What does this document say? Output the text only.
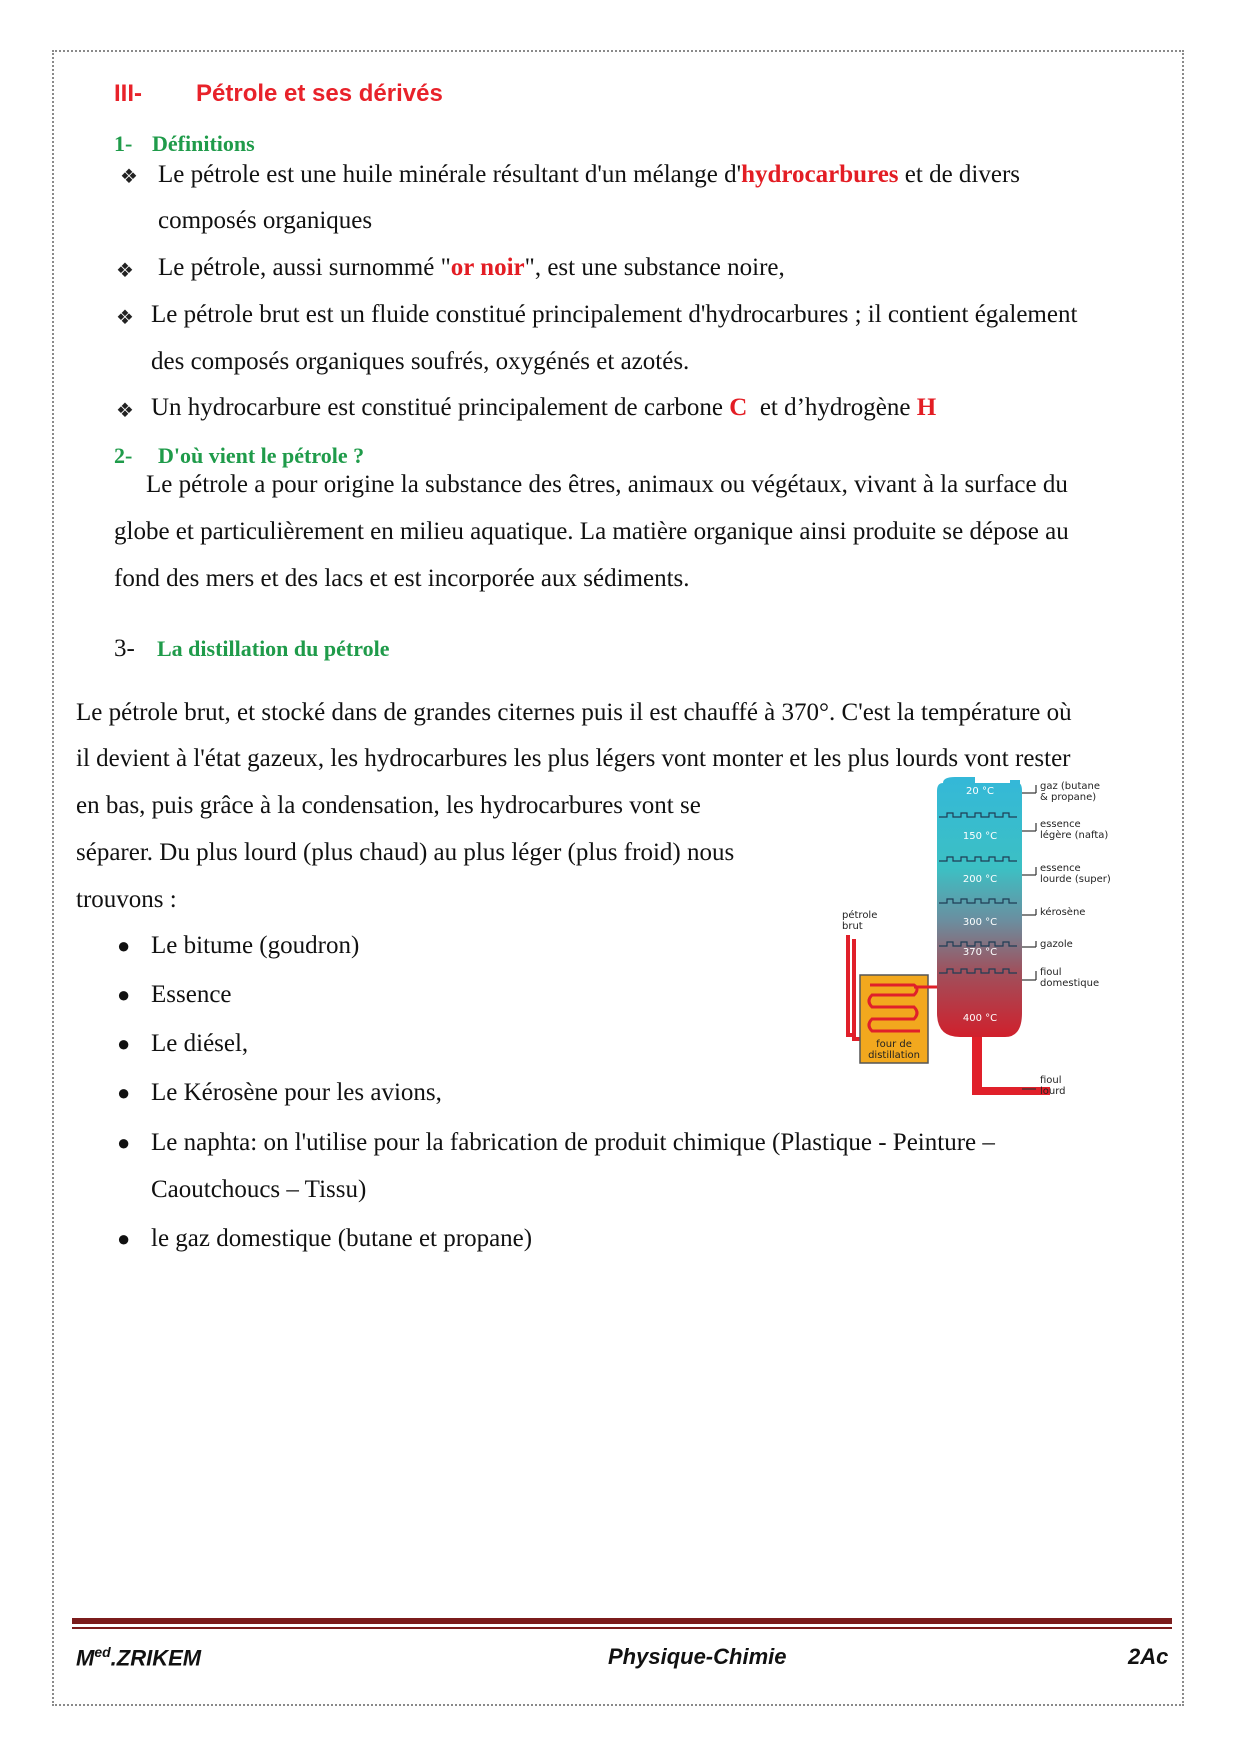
III- Pétrole et ses dérivés
1- Définitions
❖ Le pétrole est une huile minérale résultant d'un mélange d'hydrocarbures et de divers
composés organiques
❖ Le pétrole, aussi surnommé "or noir", est une substance noire,
❖ Le pétrole brut est un fluide constitué principalement d'hydrocarbures ; il contient également
des composés organiques soufrés, oxygénés et azotés.
❖ Un hydrocarbure est constitué principalement de carbone C  et d’hydrogène H
2- D'où vient le pétrole ?
Le pétrole a pour origine la substance des êtres, animaux ou végétaux, vivant à la surface du
globe et particulièrement en milieu aquatique. La matière organique ainsi produite se dépose au
fond des mers et des lacs et est incorporée aux sédiments.
3- La distillation du pétrole
Le pétrole brut, et stocké dans de grandes citernes puis il est chauffé à 370°. C'est la température où
il devient à l'état gazeux, les hydrocarbures les plus légers vont monter et les plus lourds vont rester
en bas, puis grâce à la condensation, les hydrocarbures vont se
séparer. Du plus lourd (plus chaud) au plus léger (plus froid) nous
trouvons :
● Le bitume (goudron)
● Essence
● Le diésel,
● Le Kérosène pour les avions,
● Le naphta: on l'utilise pour la fabrication de produit chimique (Plastique - Peinture –
Caoutchoucs – Tissu)
● le gaz domestique (butane et propane)
20 °C
150 °C
200 °C
300 °C
370 °C
400 °C
gaz (butane
& propane)
essence
légère (nafta)
essence
lourde (super)
kérosène
gazole
fioul
domestique
fioul
lourd
pétrole
brut
four de
distillation
$M^{ed}.ZRIKEM$	Physique-Chimie	2Ac
